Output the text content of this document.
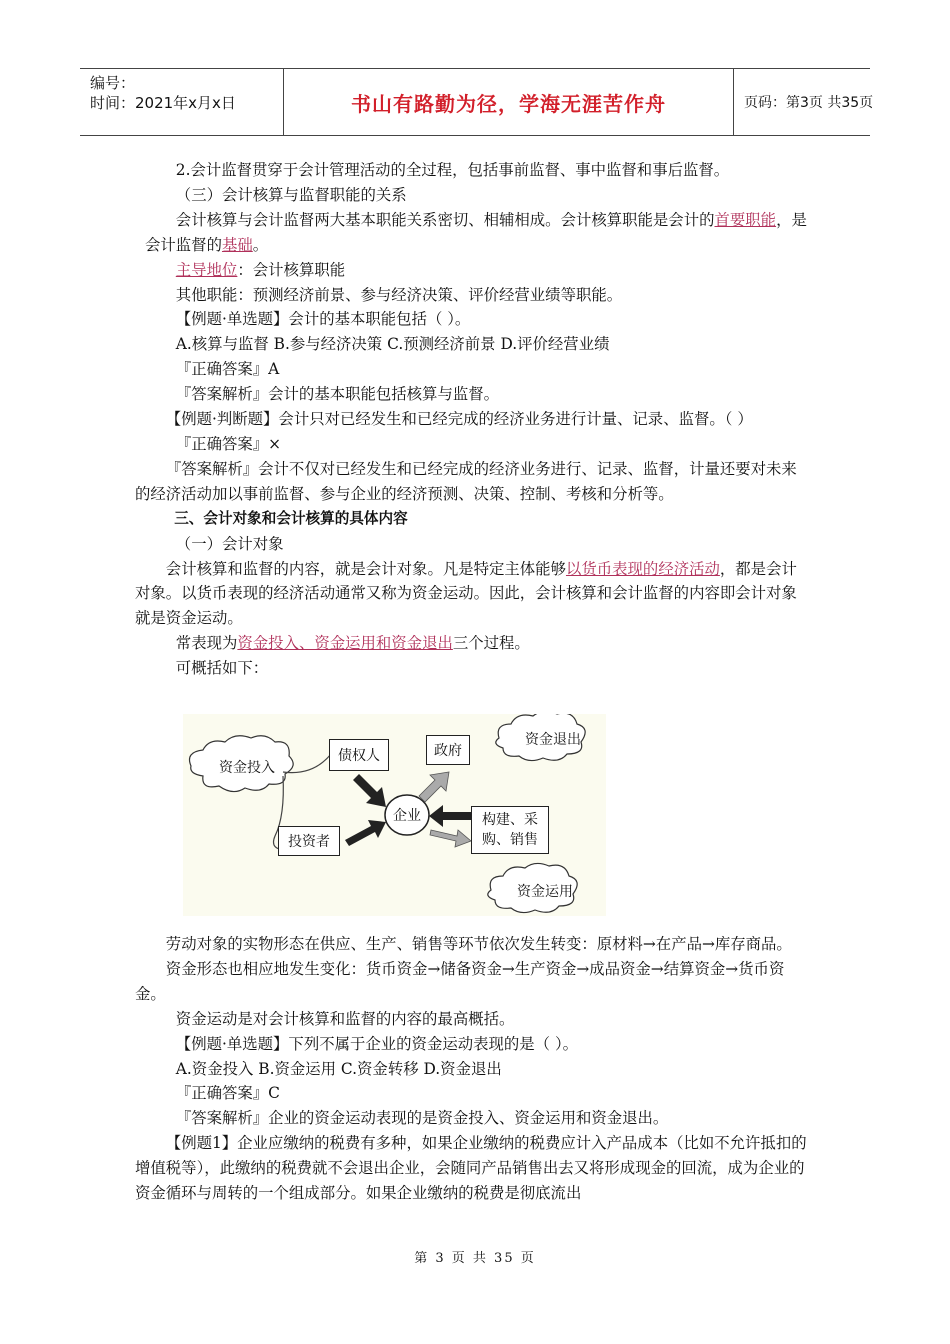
编号：
时间：2021年x月x日	书山有路勤为径，学海无涯苦作舟	页码：第3页 共35页

2.会计监督贯穿于会计管理活动的全过程，包括事前监督、事中监督和事后监督。

（三）会计核算与监督职能的关系

会计核算与会计监督两大基本职能关系密切、相辅相成。会计核算职能是会计的首要职能，是会计监督的基础。

主导地位：会计核算职能

其他职能：预测经济前景、参与经济决策、评价经营业绩等职能。

【例题·单选题】会计的基本职能包括（ ）。

A.核算与监督 B.参与经济决策 C.预测经济前景 D.评价经营业绩

『正确答案』A

『答案解析』会计的基本职能包括核算与监督。

【例题·判断题】会计只对已经发生和已经完成的经济业务进行计量、记录、监督。（ ）

『正确答案』×

『答案解析』会计不仅对已经发生和已经完成的经济业务进行、记录、监督，计量还要对未来的经济活动加以事前监督、参与企业的经济预测、决策、控制、考核和分析等。

三、会计对象和会计核算的具体内容

（一）会计对象

会计核算和监督的内容，就是会计对象。凡是特定主体能够以货币表现的经济活动，都是会计对象。以货币表现的经济活动通常又称为资金运动。因此，会计核算和会计监督的内容即会计对象就是资金运动。

常表现为资金投入、资金运用和资金退出三个过程。

可概括如下：

资金投入
资金退出
资金运用
债权人	政府
投资者
构建、采购、销售
企业

劳动对象的实物形态在供应、生产、销售等环节依次发生转变：原材料→在产品→库存商品。

资金形态也相应地发生变化：货币资金→储备资金→生产资金→成品资金→结算资金→货币资金。

资金运动是对会计核算和监督的内容的最高概括。

【例题·单选题】下列不属于企业的资金运动表现的是（ ）。

A.资金投入 B.资金运用 C.资金转移 D.资金退出

『正确答案』C

『答案解析』企业的资金运动表现的是资金投入、资金运用和资金退出。

【例题1】企业应缴纳的税费有多种，如果企业缴纳的税费应计入产品成本（比如不允许抵扣的增值税等），此缴纳的税费就不会退出企业，会随同产品销售出去又将形成现金的回流，成为企业的资金循环与周转的一个组成部分。如果企业缴纳的税费是彻底流出

第 3 页 共 35 页
